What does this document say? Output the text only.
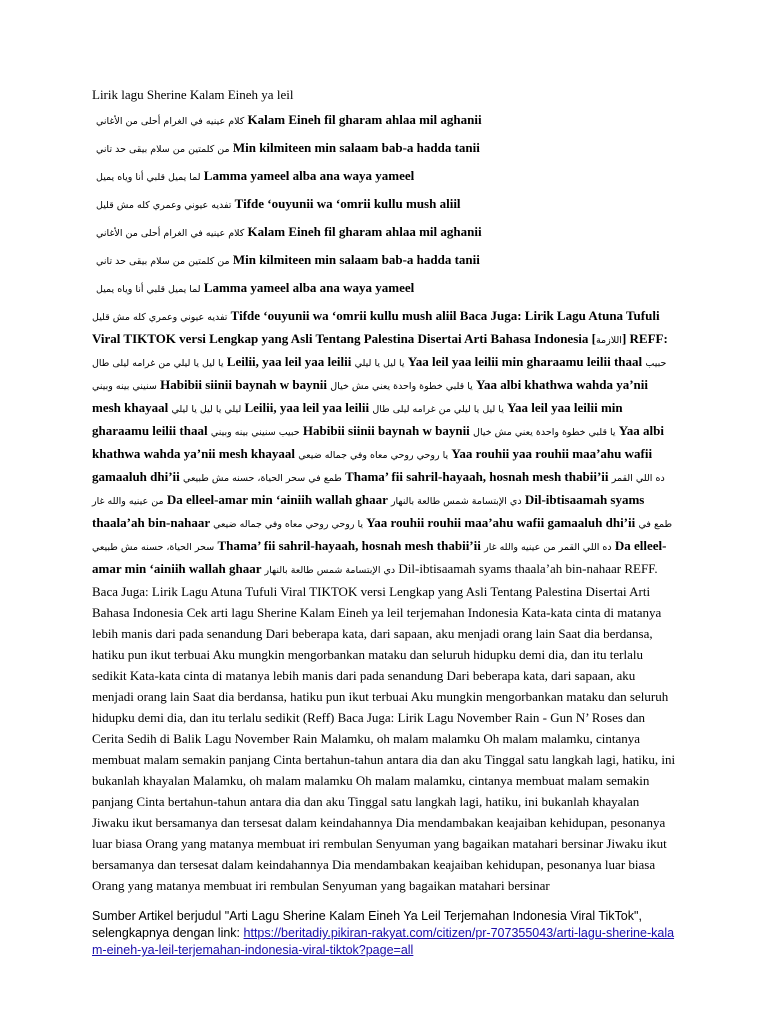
Lirik lagu Sherine Kalam Eineh ya leil
كلام عينيه في الغرام أحلى من الأغاني Kalam Eineh fil gharam ahlaa mil aghanii
من كلمتين من سلام بيقى حد تاني Min kilmiteen min salaam bab-a hadda tanii
لما يميل قلبي أنا وياه يميل Lamma yameel alba ana waya yameel
تفديه عيوني وعمري كله مش قليل Tifde ‘ouyunii wa ‘omrii kullu mush aliil
كلام عينيه في الغرام أحلى من الأغاني Kalam Eineh fil gharam ahlaa mil aghanii
من كلمتين من سلام بيقى حد تاني Min kilmiteen min salaam bab-a hadda tanii
لما يميل قلبي أنا وياه يميل Lamma yameel alba ana waya yameel

تفديه عيوني وعمري كله مش قليل Tifde ‘ouyunii wa ‘omrii kullu mush aliil Baca Juga: Lirik Lagu Atuna Tufuli Viral TIKTOK versi Lengkap yang Asli Tentang Palestina Disertai Arti Bahasa Indonesia [اللازمة] REFF: يا ليل يا ليلي من غرامه ليلى طال Leilii, yaa leil yaa leilii يا ليل يا ليلي Yaa leil yaa leilii min gharaamu leilii thaal حبيب سنيني بينه وبيني Habibii siinii baynah w baynii يا قلبي خطوة واحدة يعني مش خيال Yaa albi khathwa wahda ya’nii mesh khayaal ليلي يا ليل يا ليلي Leilii, yaa leil yaa leilii يا ليل يا ليلي من غرامه ليلى طال Yaa leil yaa leilii min gharaamu leilii thaal حبيب سنيني بينه وبيني Habibii siinii baynah w baynii يا قلبي خطوة واحدة يعني مش خيال Yaa albi khathwa wahda ya’nii mesh khayaal يا روحي روحي معاه وفي جماله ضيعي Yaa rouhii yaa rouhii maa’ahu wafii gamaaluh dhi’ii طمع في سحر الحياة، حسنه مش طبيعي Thama’ fii sahril-hayaah, hosnah mesh thabii’ii ده اللي القمر من عينيه والله غار Da elleel-amar min ‘ainiih wallah ghaar دي الإبتسامة شمس طالعة بالنهار Dil-ibtisaamah syams thaala’ah bin-nahaar يا روحي روحي معاه وفي جماله ضيعي Yaa rouhii rouhii maa’ahu wafii gamaaluh dhi’ii طمع في سحر الحياة، حسنه مش طبيعي Thama’ fii sahril-hayaah, hosnah mesh thabii’ii ده اللي القمر من عينيه والله غار Da elleel-amar min ‘ainiih wallah ghaar دي الإبتسامة شمس طالعة بالنهار Dil-ibtisaamah syams thaala’ah bin-nahaar REFF. Baca Juga: Lirik Lagu Atuna Tufuli Viral TIKTOK versi Lengkap yang Asli Tentang Palestina Disertai Arti Bahasa Indonesia Cek arti lagu Sherine Kalam Eineh ya leil terjemahan Indonesia Kata-kata cinta di matanya lebih manis dari pada senandung Dari beberapa kata, dari sapaan, aku menjadi orang lain Saat dia berdansa, hatiku pun ikut terbuai Aku mungkin mengorbankan mataku dan seluruh hidupku demi dia, dan itu terlalu sedikit Kata-kata cinta di matanya lebih manis dari pada senandung Dari beberapa kata, dari sapaan, aku menjadi orang lain Saat dia berdansa, hatiku pun ikut terbuai Aku mungkin mengorbankan mataku dan seluruh hidupku demi dia, dan itu terlalu sedikit (Reff) Baca Juga: Lirik Lagu November Rain - Gun N’ Roses dan Cerita Sedih di Balik Lagu November Rain Malamku, oh malam malamku Oh malam malamku, cintanya membuat malam semakin panjang Cinta bertahun-tahun antara dia dan aku Tinggal satu langkah lagi, hatiku, ini bukanlah khayalan Malamku, oh malam malamku Oh malam malamku, cintanya membuat malam semakin panjang Cinta bertahun-tahun antara dia dan aku Tinggal satu langkah lagi, hatiku, ini bukanlah khayalan Jiwaku ikut bersamanya dan tersesat dalam keindahannya Dia mendambakan keajaiban kehidupan, pesonanya luar biasa Orang yang matanya membuat iri rembulan Senyuman yang bagaikan matahari bersinar Jiwaku ikut bersamanya dan tersesat dalam keindahannya Dia mendambakan keajaiban kehidupan, pesonanya luar biasa Orang yang matanya membuat iri rembulan Senyuman yang bagaikan matahari bersinar

Sumber Artikel berjudul "Arti Lagu Sherine Kalam Eineh Ya Leil Terjemahan Indonesia Viral TikTok", selengkapnya dengan link: https://beritadiy.pikiran-rakyat.com/citizen/pr-707355043/arti-lagu-sherine-kalam-eineh-ya-leil-terjemahan-indonesia-viral-tiktok?page=all
